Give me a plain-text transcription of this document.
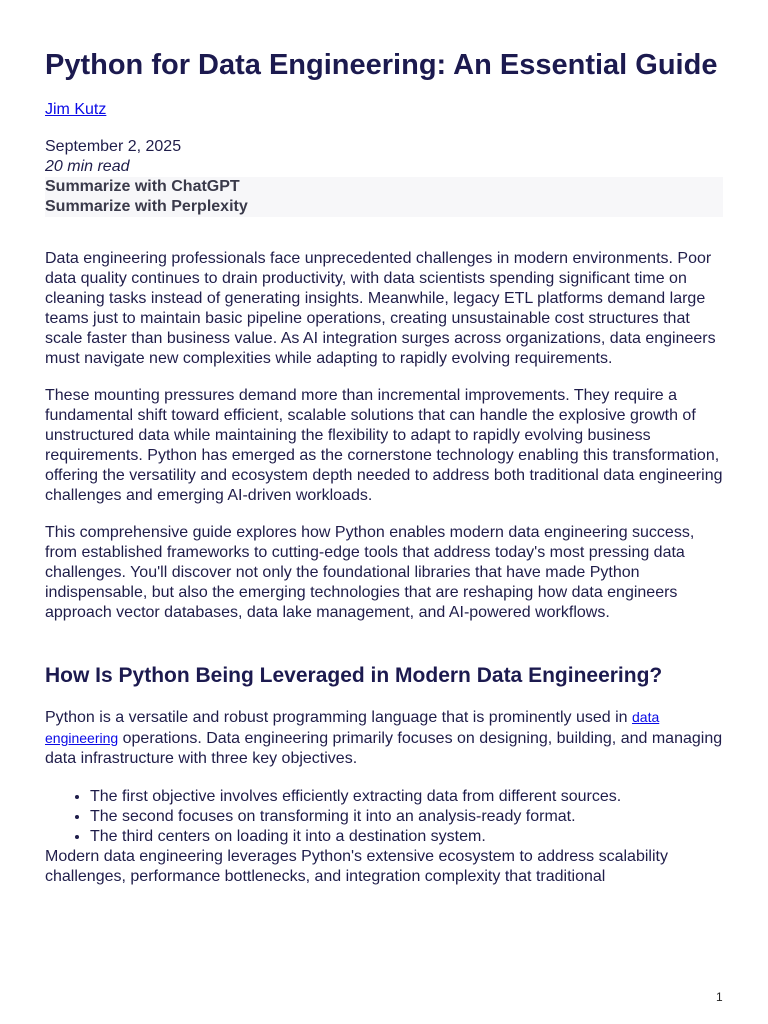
Python for Data Engineering: An Essential Guide
Jim Kutz
September 2, 2025
20 min read
Summarize with ChatGPT
Summarize with Perplexity

Data engineering professionals face unprecedented challenges in modern environments. Poor data quality continues to drain productivity, with data scientists spending significant time on cleaning tasks instead of generating insights. Meanwhile, legacy ETL platforms demand large teams just to maintain basic pipeline operations, creating unsustainable cost structures that scale faster than business value. As AI integration surges across organizations, data engineers must navigate new complexities while adapting to rapidly evolving requirements.

These mounting pressures demand more than incremental improvements. They require a fundamental shift toward efficient, scalable solutions that can handle the explosive growth of unstructured data while maintaining the flexibility to adapt to rapidly evolving business requirements. Python has emerged as the cornerstone technology enabling this transformation, offering the versatility and ecosystem depth needed to address both traditional data engineering challenges and emerging AI-driven workloads.

This comprehensive guide explores how Python enables modern data engineering success, from established frameworks to cutting-edge tools that address today's most pressing data challenges. You'll discover not only the foundational libraries that have made Python indispensable, but also the emerging technologies that are reshaping how data engineers approach vector databases, data lake management, and AI-powered workflows.

How Is Python Being Leveraged in Modern Data Engineering?

Python is a versatile and robust programming language that is prominently used in data engineering operations. Data engineering primarily focuses on designing, building, and managing data infrastructure with three key objectives.

• The first objective involves efficiently extracting data from different sources.
• The second focuses on transforming it into an analysis-ready format.
• The third centers on loading it into a destination system.

Modern data engineering leverages Python's extensive ecosystem to address scalability challenges, performance bottlenecks, and integration complexity that traditional

1
